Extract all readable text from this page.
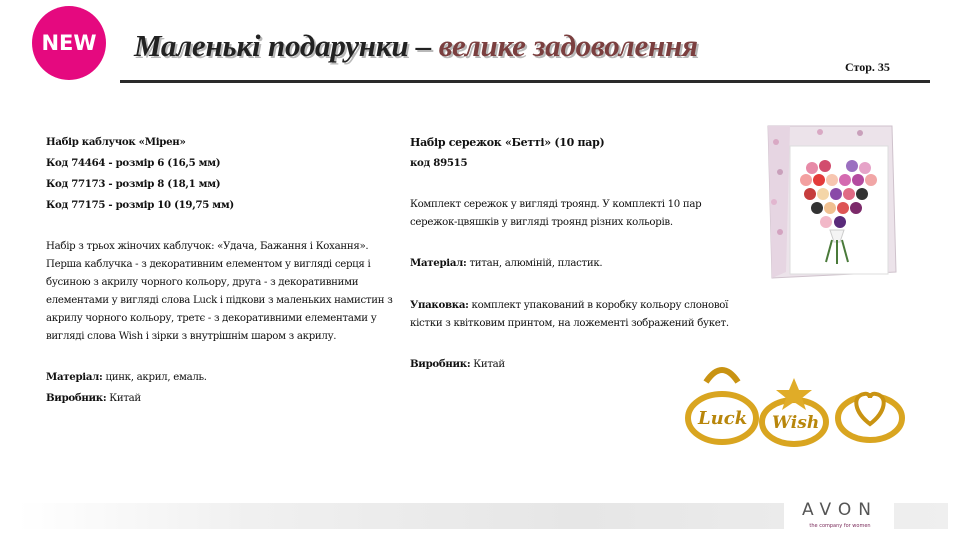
NEW Маленькі подарунки – велике задоволення
Стор. 35

Набір каблучок «Мірен»

Код 74464 - розмір 6 (16,5 мм)

Код 77173 - розмір 8 (18,1 мм)

Код 77175 - розмір 10 (19,75 мм)

Набір з трьох жіночих каблучок: «Удача, Бажання і Кохання». Перша каблучка - з декоративним елементом у вигляді серця і бусиною з акрилу чорного кольору, друга - з декоративними елементами у вигляді слова Luck і підкови з маленьких намистин з акрилу чорного кольору, третє - з декоративними елементами у вигляді слова Wish і зірки з внутрішнім шаром з акрилу.

Матеріал: цинк, акрил, емаль.

Виробник: Китай

Набір сережок «Бетті» (10 пар)

код 89515

Комплект сережок у вигляді троянд. У комплекті 10 пар сережок-цвяшків у вигляді троянд різних кольорів.

Матеріал: титан, алюміній, пластик.

Упаковка: комплект упакований в коробку кольору слонової кістки з квітковим принтом, на ложементі зображений букет.

Виробник: Китай

Luck Wish
AVON
the company for women
